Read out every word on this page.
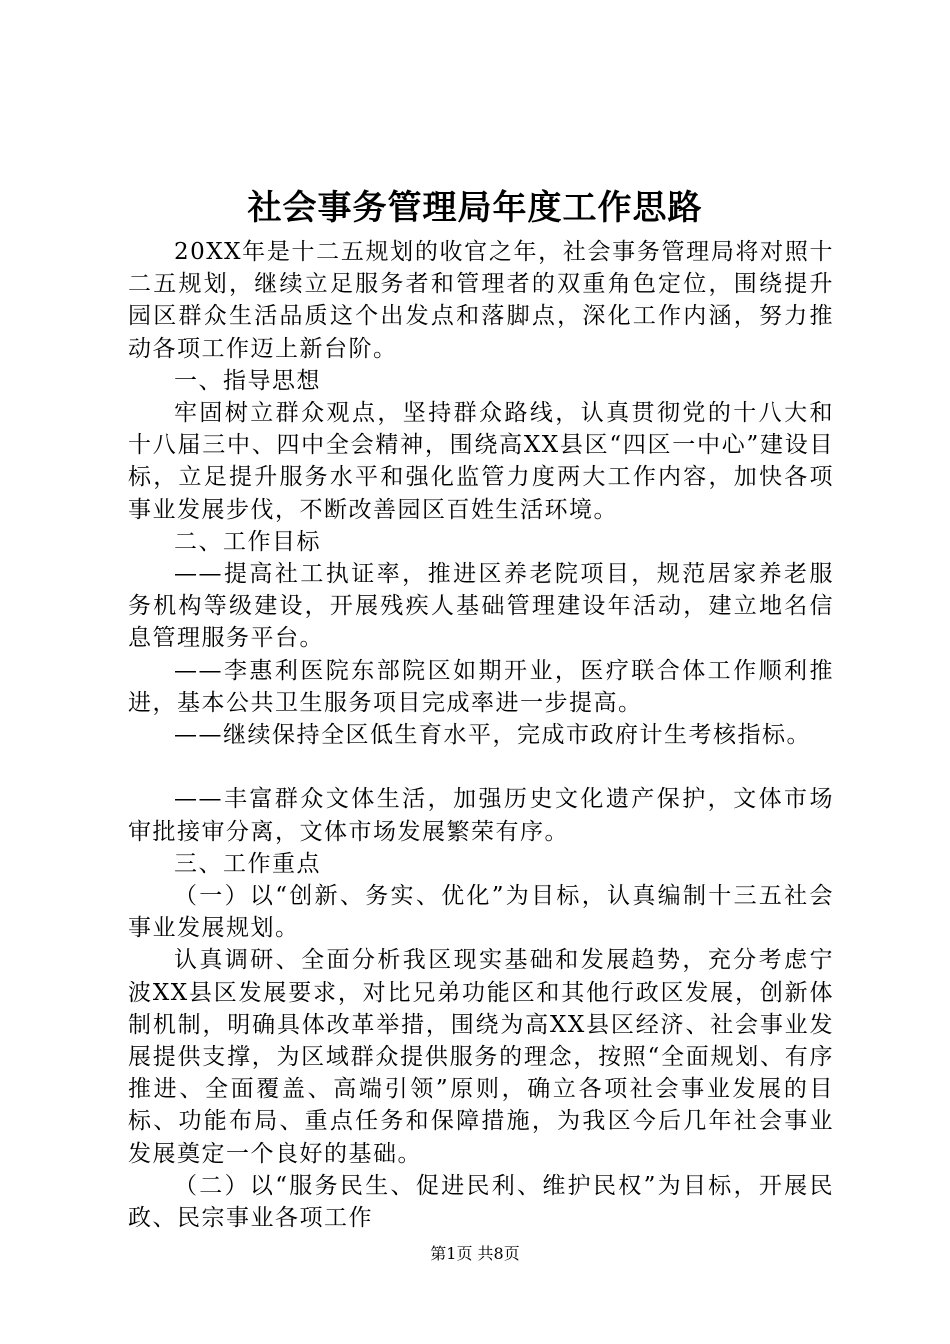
社会事务管理局年度工作思路

20XX年是十二五规划的收官之年，社会事务管理局将对照十二五规划，继续立足服务者和管理者的双重角色定位，围绕提升园区群众生活品质这个出发点和落脚点，深化工作内涵，努力推动各项工作迈上新台阶。

一、指导思想

牢固树立群众观点，坚持群众路线，认真贯彻党的十八大和十八届三中、四中全会精神，围绕高XX县区“四区一中心”建设目标，立足提升服务水平和强化监管力度两大工作内容，加快各项事业发展步伐，不断改善园区百姓生活环境。

二、工作目标

——提高社工执证率，推进区养老院项目，规范居家养老服务机构等级建设，开展残疾人基础管理建设年活动，建立地名信息管理服务平台。

——李惠利医院东部院区如期开业，医疗联合体工作顺利推进，基本公共卫生服务项目完成率进一步提高。

——继续保持全区低生育水平，完成市政府计生考核指标。

——丰富群众文体生活，加强历史文化遗产保护，文体市场审批接审分离，文体市场发展繁荣有序。

三、工作重点

（一）以“创新、务实、优化”为目标，认真编制十三五社会事业发展规划。

认真调研、全面分析我区现实基础和发展趋势，充分考虑宁波XX县区发展要求，对比兄弟功能区和其他行政区发展，创新体制机制，明确具体改革举措，围绕为高XX县区经济、社会事业发展提供支撑，为区域群众提供服务的理念，按照“全面规划、有序推进、全面覆盖、高端引领”原则，确立各项社会事业发展的目标、功能布局、重点任务和保障措施，为我区今后几年社会事业发展奠定一个良好的基础。

（二）以“服务民生、促进民利、维护民权”为目标，开展民政、民宗事业各项工作

第1页 共8页
